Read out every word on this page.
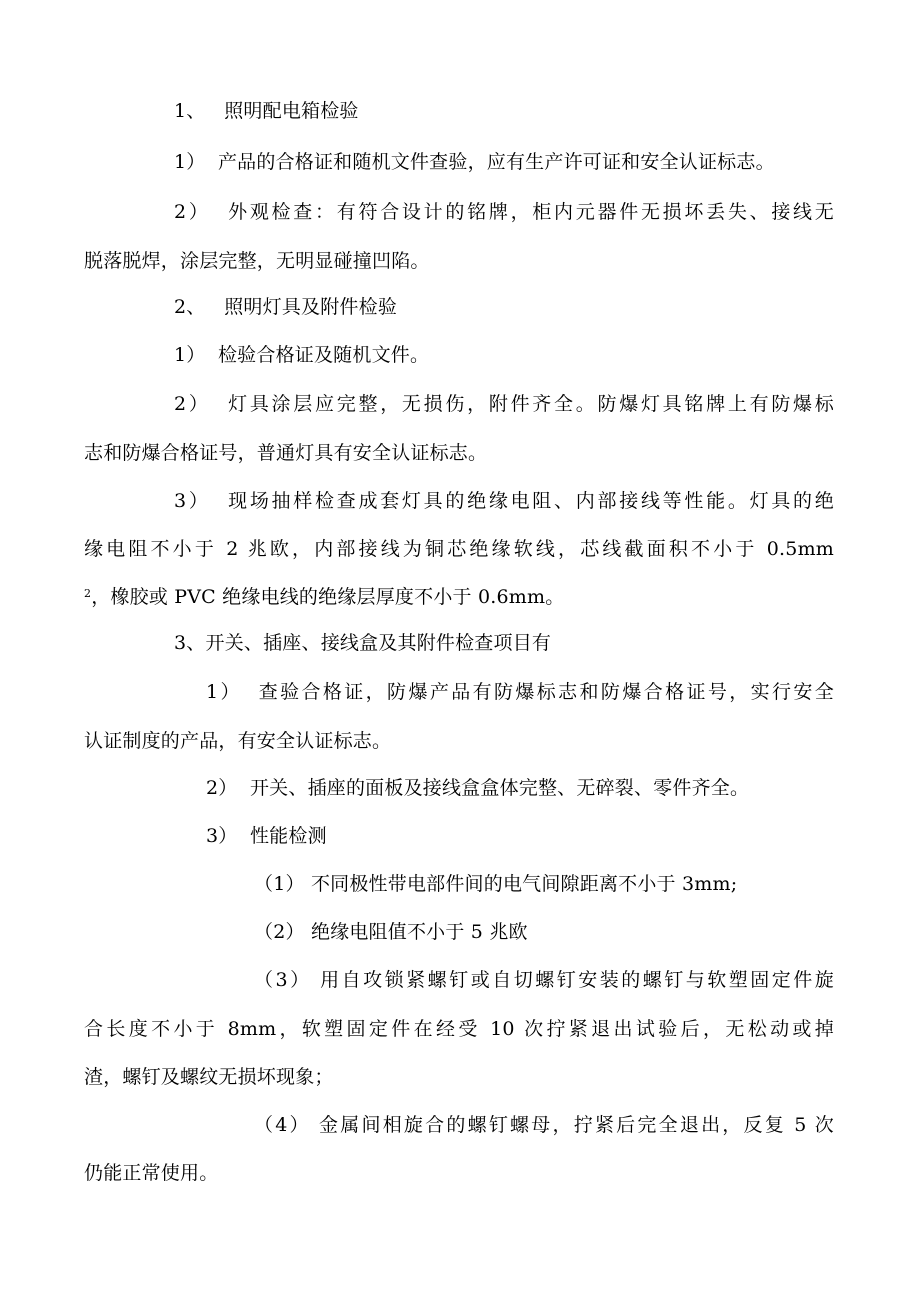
1、 照明配电箱检验
1） 产品的合格证和随机文件查验，应有生产许可证和安全认证标志。
2） 外观检查：有符合设计的铭牌，柜内元器件无损坏丢失、接线无
脱落脱焊，涂层完整，无明显碰撞凹陷。
2、 照明灯具及附件检验
1） 检验合格证及随机文件。
2） 灯具涂层应完整，无损伤，附件齐全。防爆灯具铭牌上有防爆标
志和防爆合格证号，普通灯具有安全认证标志。
3） 现场抽样检查成套灯具的绝缘电阻、内部接线等性能。灯具的绝
缘电阻不小于 2 兆欧，内部接线为铜芯绝缘软线，芯线截面积不小于 0.5mm
$^2$，橡胶或 PVC 绝缘电线的绝缘层厚度不小于 0.6mm。
3、开关、插座、接线盒及其附件检查项目有
1） 查验合格证，防爆产品有防爆标志和防爆合格证号，实行安全
认证制度的产品，有安全认证标志。
2） 开关、插座的面板及接线盒盒体完整、无碎裂、零件齐全。
3） 性能检测
（1） 不同极性带电部件间的电气间隙距离不小于 3mm;
（2） 绝缘电阻值不小于 5 兆欧
（3） 用自攻锁紧螺钉或自切螺钉安装的螺钉与软塑固定件旋
合长度不小于 8mm，软塑固定件在经受 10 次拧紧退出试验后，无松动或掉
渣，螺钉及螺纹无损坏现象；
（4） 金属间相旋合的螺钉螺母，拧紧后完全退出，反复 5 次
仍能正常使用。
